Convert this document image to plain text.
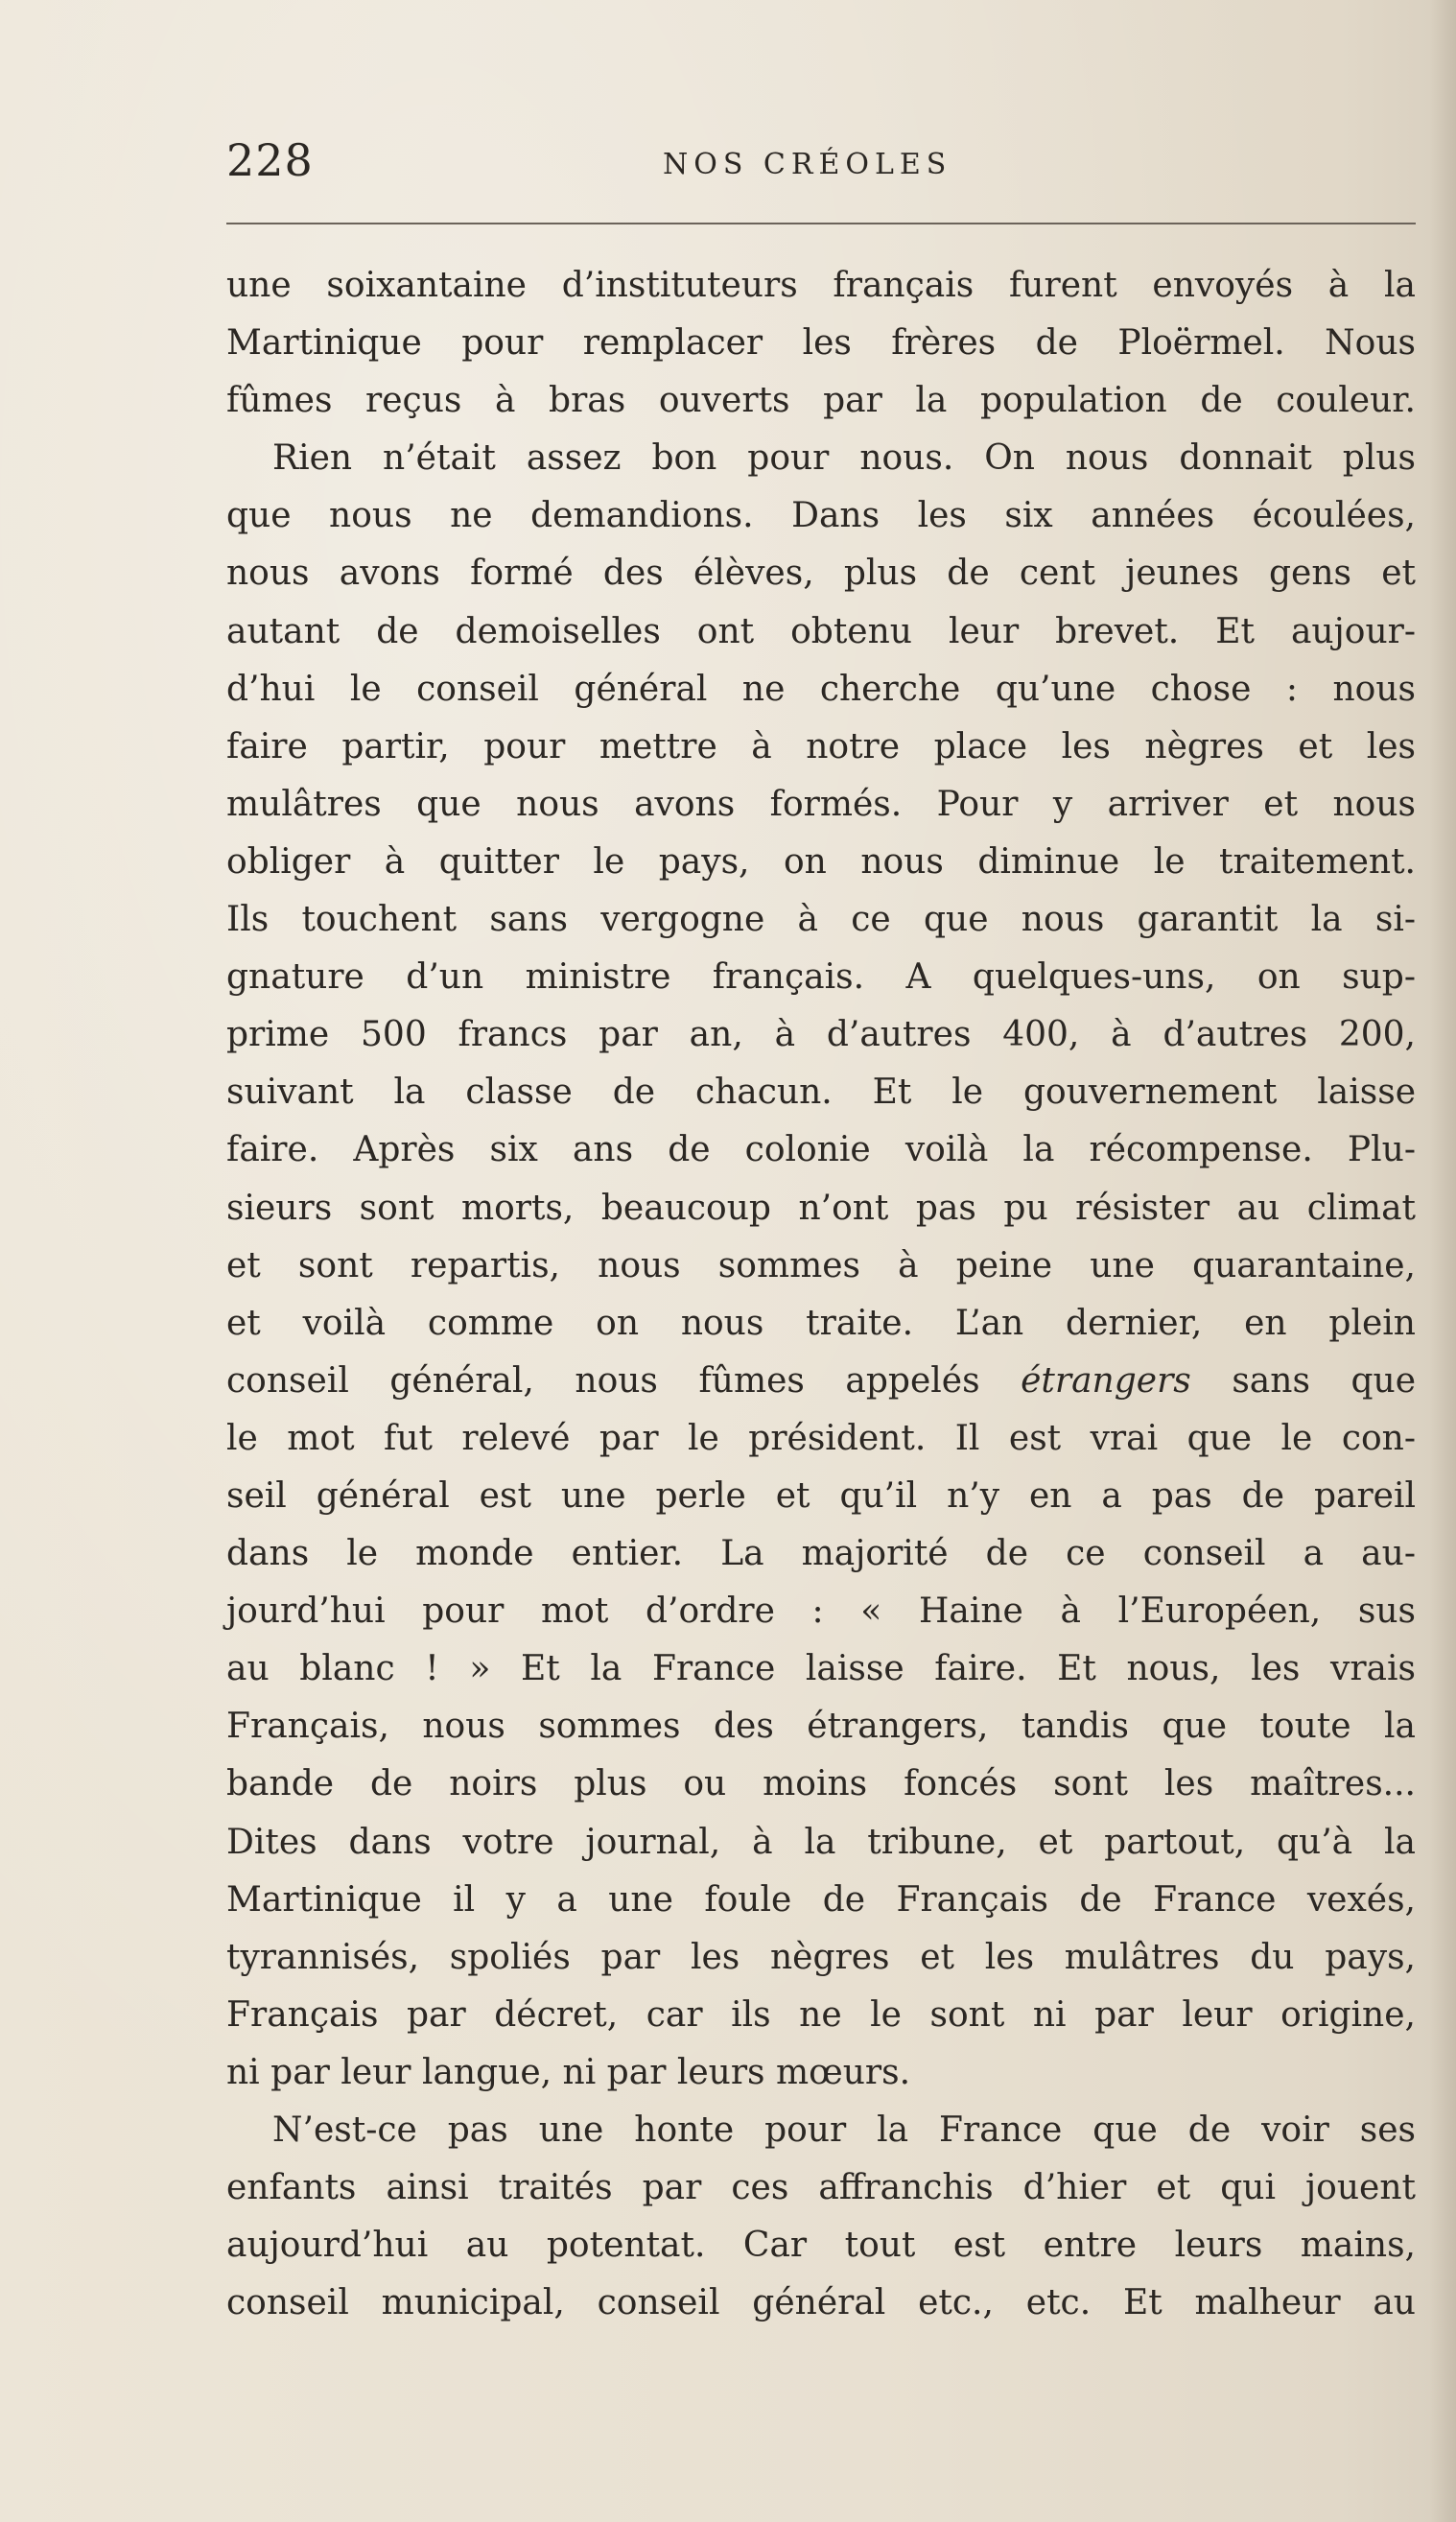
228	NOS CRÉOLES
une soixantaine d’instituteurs français furent envoyés à la
Martinique pour remplacer les frères de Ploërmel. Nous
fûmes reçus à bras ouverts par la population de couleur.
Rien n’était assez bon pour nous. On nous donnait plus
que nous ne demandions. Dans les six années écoulées,
nous avons formé des élèves, plus de cent jeunes gens et
autant de demoiselles ont obtenu leur brevet. Et aujour-
d’hui le conseil général ne cherche qu’une chose : nous
faire partir, pour mettre à notre place les nègres et les
mulâtres que nous avons formés. Pour y arriver et nous
obliger à quitter le pays, on nous diminue le traitement.
Ils touchent sans vergogne à ce que nous garantit la si-
gnature d’un ministre français. A quelques-uns, on sup-
prime 500 francs par an, à d’autres 400, à d’autres 200,
suivant la classe de chacun. Et le gouvernement laisse
faire. Après six ans de colonie voilà la récompense. Plu-
sieurs sont morts, beaucoup n’ont pas pu résister au climat
et sont repartis, nous sommes à peine une quarantaine,
et voilà comme on nous traite. L’an dernier, en plein
conseil général, nous fûmes appelés étrangers sans que
le mot fut relevé par le président. Il est vrai que le con-
seil général est une perle et qu’il n’y en a pas de pareil
dans le monde entier. La majorité de ce conseil a au-
jourd’hui pour mot d’ordre : « Haine à l’Européen, sus
au blanc ! » Et la France laisse faire. Et nous, les vrais
Français, nous sommes des étrangers, tandis que toute la
bande de noirs plus ou moins foncés sont les maîtres...
Dites dans votre journal, à la tribune, et partout, qu’à la
Martinique il y a une foule de Français de France vexés,
tyrannisés, spoliés par les nègres et les mulâtres du pays,
Français par décret, car ils ne le sont ni par leur origine,
ni par leur langue, ni par leurs mœurs.
N’est-ce pas une honte pour la France que de voir ses
enfants ainsi traités par ces affranchis d’hier et qui jouent
aujourd’hui au potentat. Car tout est entre leurs mains,
conseil municipal, conseil général etc., etc. Et malheur au
